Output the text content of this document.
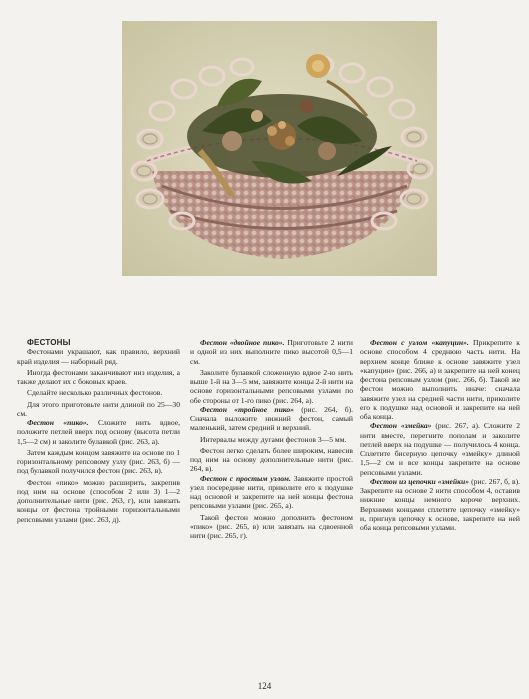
ФЕСТОНЫ

Фестонами украшают, как правило, верхний край изделия — наборный ряд.

Иногда фестонами заканчивают низ изделия, а также делают их с боковых краев.

Сделайте несколько различных фестонов.

Для этого приготовьте нити длиной по 25—30 см.

Фестон «пико». Сложите нить вдвое, положите петлей вверх под основу (высота петли 1,5—2 см) и заколите булавкой (рис. 263, а).

Затем каждым концом завяжите на основе по 1 горизонтальному репсовому узлу (рис. 263, б) — под булавкой получился фестон (рис. 263, в).

Фестон «пико» можно расширить, закрепив под ним на основе (способом 2 или 3) 1—2 дополнительные нити (рис. 263, г), или завязать концы от фестона тройными горизонтальными репсовыми узлами (рис. 263, д).

Фестон «двойное пико». Приготовьте 2 нити и одной из них выполните пико высотой 0,5—1 см.

Заколите булавкой сложенную вдвое 2-ю нить выше 1-й на 3—5 мм, завяжите концы 2-й нити на основе горизонтальными репсовыми узлами по обе стороны от 1-го пико (рис. 264, а).

Фестон «тройное пико» (рис. 264, б). Сначала выложите нижний фестон, самый маленький, затем средний и верхний.

Интервалы между дугами фестонов 3—5 мм.

Фестон легко сделать более широким, навесив под ним на основу дополнительные нити (рис. 264, в).

Фестон с простым узлом. Завяжите простой узел посередине нити, приколите его к подушке над основой и закрепите на ней концы фестона репсовыми узлами (рис. 265, а).

Такой фестон можно дополнить фестоном «пико» (рис. 265, в) или завязать на сдвоенной нити (рис. 265, г).

Фестон с узлом «капуцин». Прикрепите к основе способом 4 среднюю часть нити. На верхнем конце ближе к основе завяжите узел «капуцин» (рис. 266, а) и закрепите на ней конец фестона репсовым узлом (рис. 266, б). Такой же фестон можно выполнить иначе: сначала завяжите узел на средней части нити, приколите его к подушке над основой и закрепите на ней оба конца.

Фестон «змейка» (рис. 267, а). Сложите 2 нити вместе, перегните пополам и заколите петлей вверх на подушке — получилось 4 конца. Сплетите бисерную цепочку «змейку» длиной 1,5—2 см и все концы закрепите на основе репсовыми узлами.

Фестон из цепочки «змейки» (рис. 267, б, в). Закрепите на основе 2 нити способом 4, оставив нижние концы немного короче верхних. Верхними концами сплетите цепочку «змейку» и, пригнув цепочку к основе, закрепите на ней оба конца репсовыми узлами.

124
